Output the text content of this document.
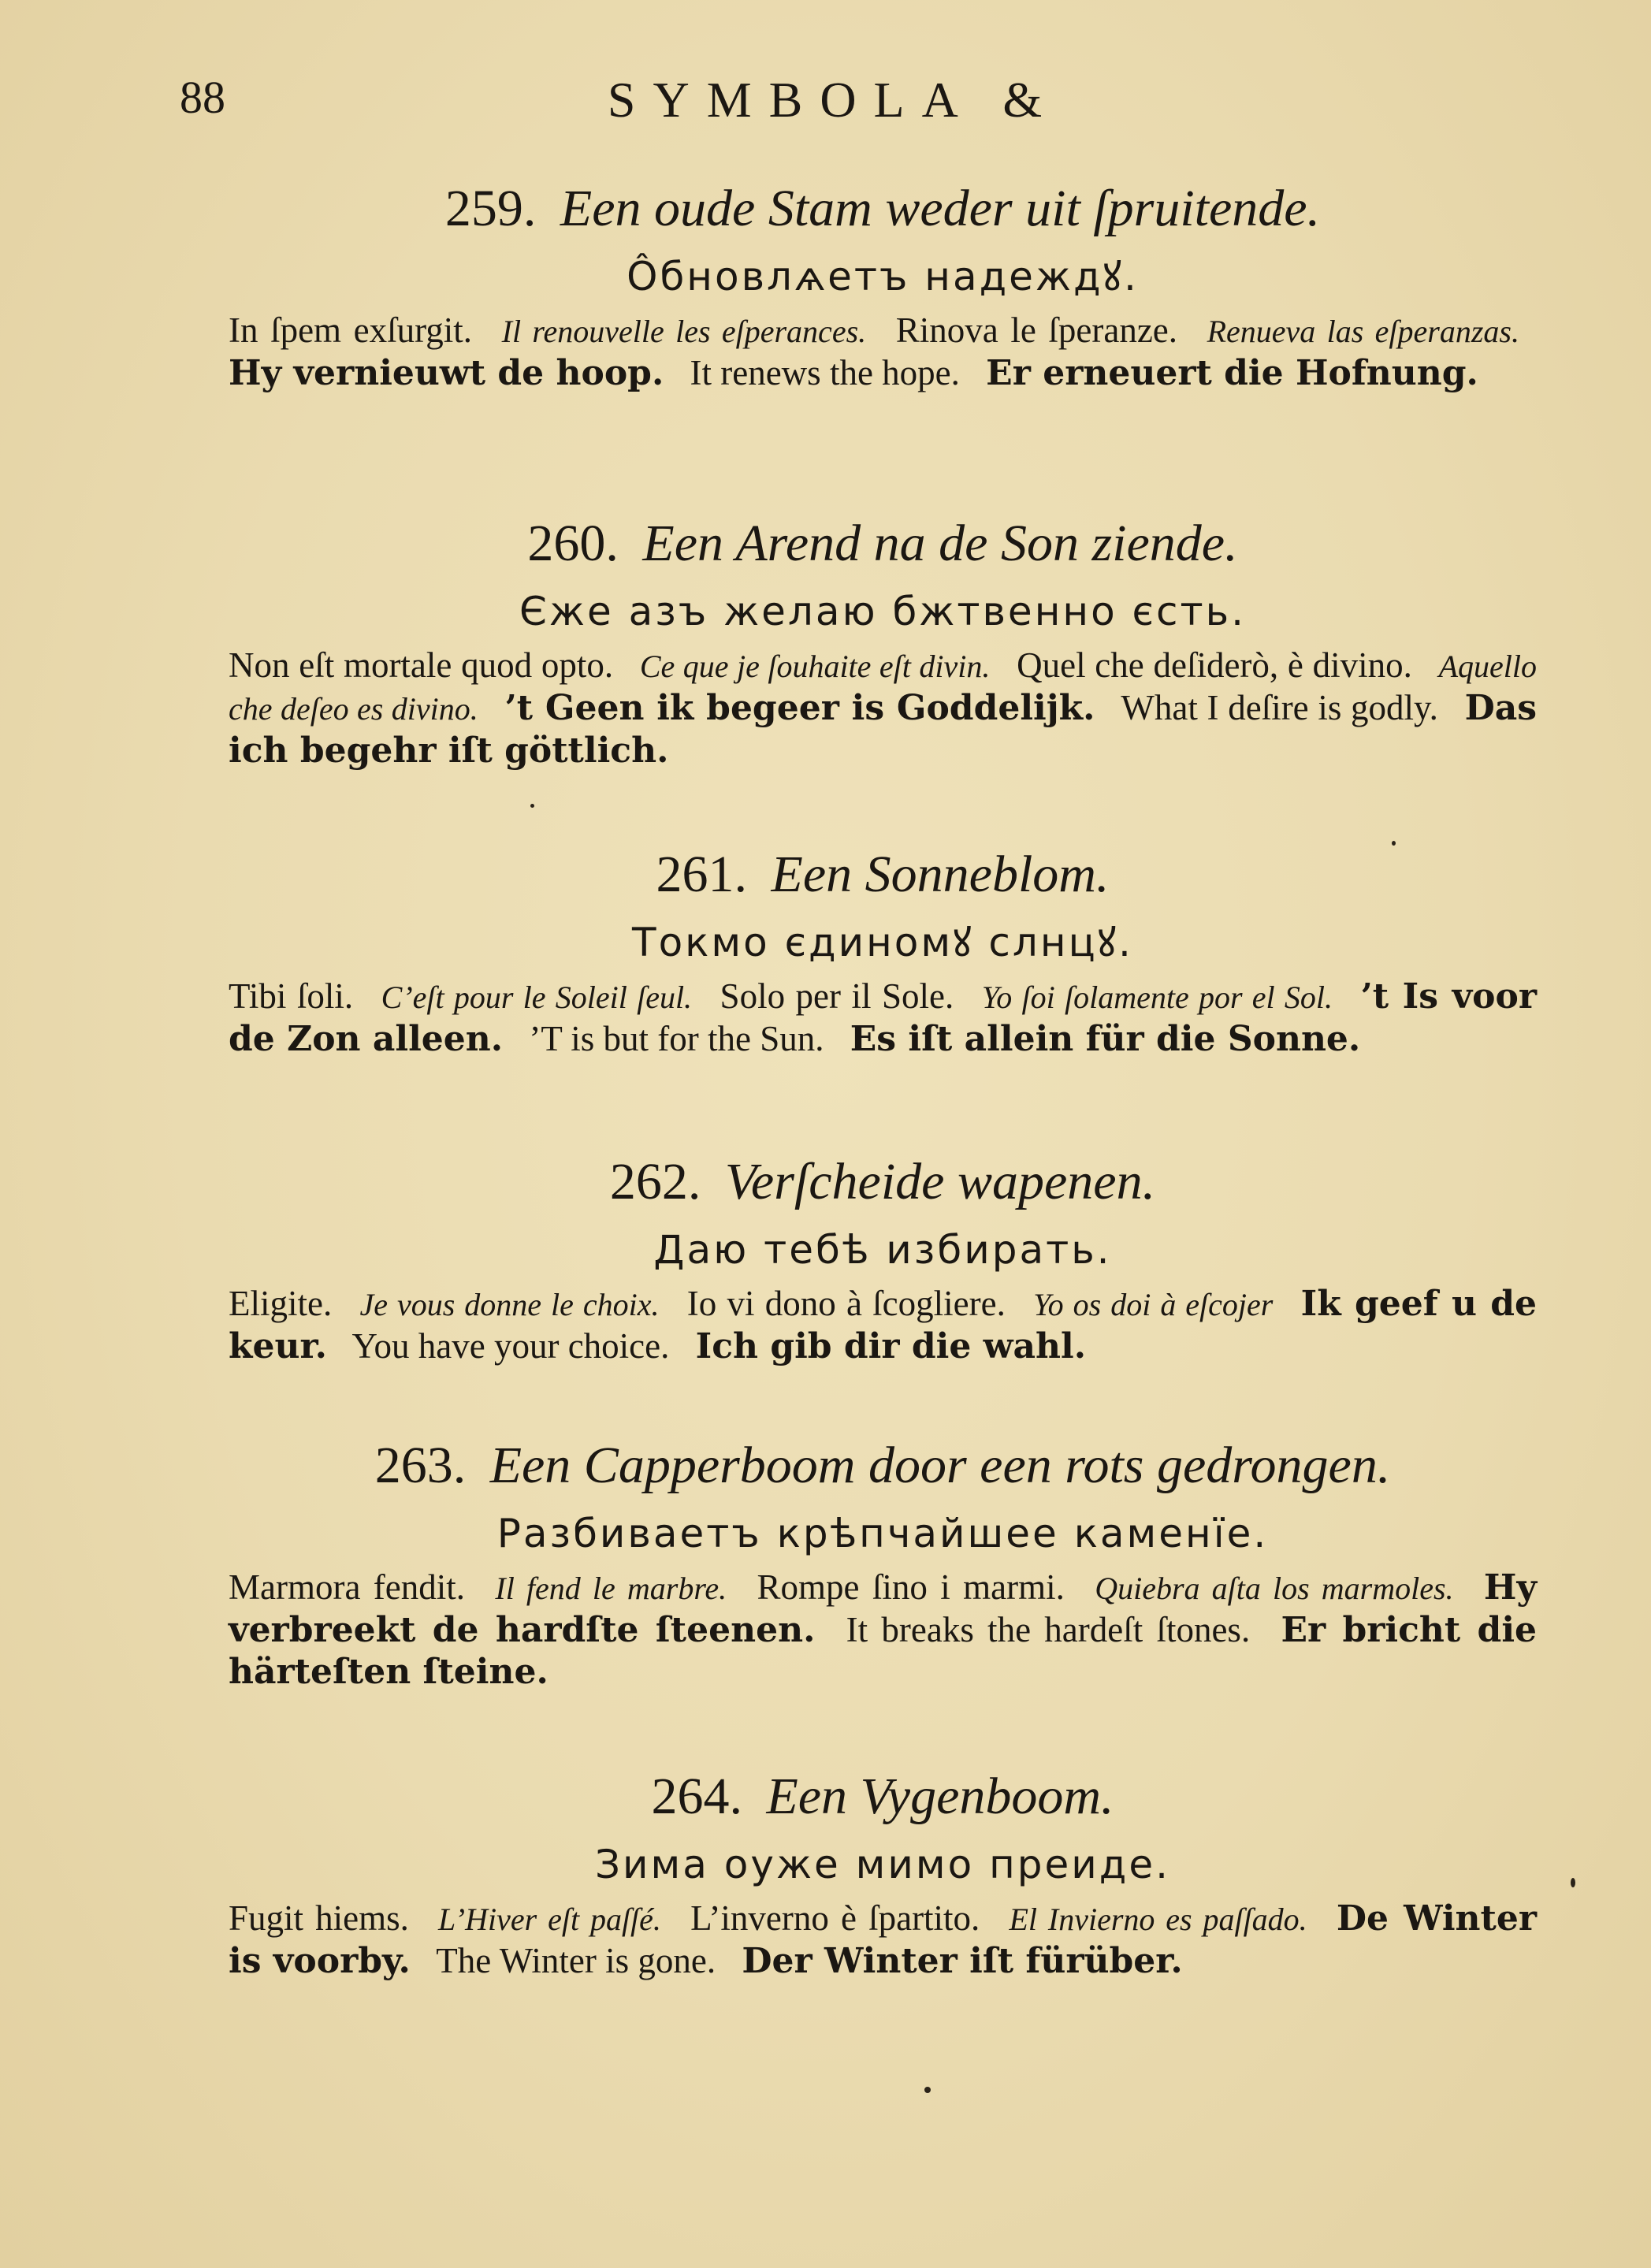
88	SYMBOLA &
259. Een oude Stam weder uit ſpruitende.
Ôбновлѧетъ надеждꙋ.
In ſpem exſurgit. Il renouvelle les eſperances. Rinova le ſperanze. Renueva las eſperanzas. Hy vernieuwt de hoop. It renews the hope. Er erneuert die Hofnung.
260. Een Arend na de Son ziende.
Єже азъ желаю бжтвенно єсть.
Non eſt mortale quod opto. Ce que je ſouhaite eſt divin. Quel che deſiderò, è divino. Aquello che deſeo es divino. ’t Geen ik begeer is Goddelijk. What I deſire is godly. Das ich begehr iſt göttlich.
261. Een Sonneblom.
Токмо єдиномꙋ слнцꙋ.
Tibi ſoli. C’eſt pour le Soleil ſeul. Solo per il Sole. Yo ſoi ſolamente por el Sol. ’t Is voor de Zon alleen. ’T is but for the Sun. Es iſt allein für die Sonne.
262. Verſcheide wapenen.
Даю тебѣ избирать.
Eligite. Je vous donne le choix. Io vi dono à ſcogliere. Yo os doi à eſcojer Ik geef u de keur. You have your choice. Ich gib dir die wahl.
263. Een Capperboom door een rots gedrongen.
Разбиваетъ крѣпчайшее каменїе.
Marmora fendit. Il fend le marbre. Rompe ſino i marmi. Quiebra aſta los marmoles. Hy verbreekt de hardſte ſteenen. It breaks the hardeſt ſtones. Er bricht die härteſten ſteine.
264. Een Vygenboom.
Зима оуже мимо преиде.
Fugit hiems. L’Hiver eſt paſſé. L’inverno è ſpartito. El Invierno es paſſado. De Winter is voorby. The Winter is gone. Der Winter iſt fürüber.
